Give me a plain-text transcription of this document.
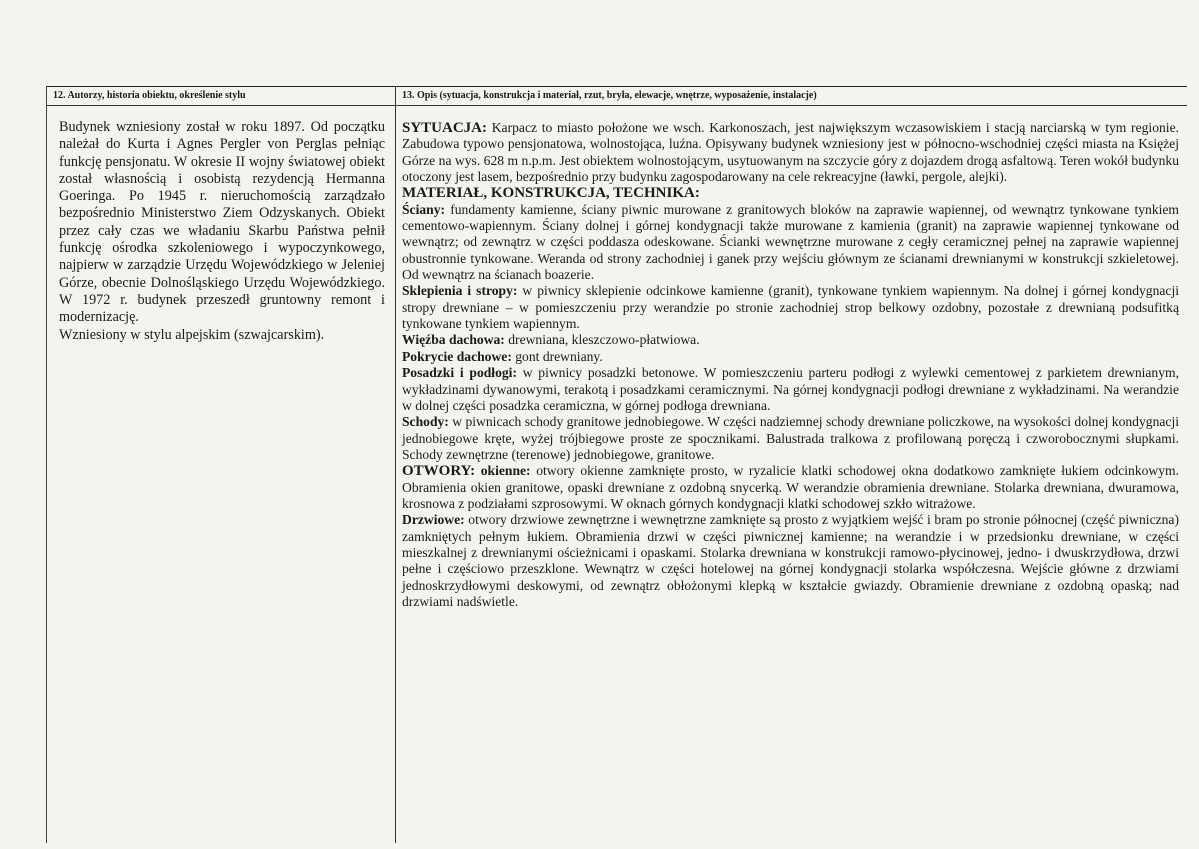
12. Autorzy, historia obiektu, określenie stylu

Budynek wzniesiony został w roku 1897. Od początku należał do Kurta i Agnes Pergler von Perglas pełniąc funkcję pensjonatu. W okresie II wojny światowej obiekt został własnością i osobistą rezydencją Hermanna Goeringa. Po 1945 r. nieruchomością zarządzało bezpośrednio Ministerstwo Ziem Odzyskanych. Obiekt przez cały czas we władaniu Skarbu Państwa pełnił funkcję ośrodka szkoleniowego i wypoczynkowego, najpierw w zarządzie Urzędu Wojewódzkiego w Jeleniej Górze, obecnie Dolnośląskiego Urzędu Wojewódzkiego. W 1972 r. budynek przeszedł gruntowny remont i modernizację.

Wzniesiony w stylu alpejskim (szwajcarskim).

13. Opis (sytuacja, konstrukcja i materiał, rzut, bryła, elewacje, wnętrze, wyposażenie, instalacje)

SYTUACJA: Karpacz to miasto położone we wsch. Karkonoszach, jest największym wczasowiskiem i stacją narciarską w tym regionie. Zabudowa typowo pensjonatowa, wolnostojąca, luźna. Opisywany budynek wzniesiony jest w północno-wschodniej części miasta na Księżej Górze na wys. 628 m n.p.m. Jest obiektem wolnostojącym, usytuowanym na szczycie góry z dojazdem drogą asfaltową. Teren wokół budynku otoczony jest lasem, bezpośrednio przy budynku zagospodarowany na cele rekreacyjne (ławki, pergole, alejki).

MATERIAŁ, KONSTRUKCJA, TECHNIKA:

Ściany: fundamenty kamienne, ściany piwnic murowane z granitowych bloków na zaprawie wapiennej, od wewnątrz tynkowane tynkiem cementowo-wapiennym. Ściany dolnej i górnej kondygnacji także murowane z kamienia (granit) na zaprawie wapiennej tynkowane od wewnątrz; od zewnątrz w części poddasza odeskowane. Ścianki wewnętrzne murowane z cegły ceramicznej pełnej na zaprawie wapiennej obustronnie tynkowane. Weranda od strony zachodniej i ganek przy wejściu głównym ze ścianami drewnianymi w konstrukcji szkieletowej. Od wewnątrz na ścianach boazerie.

Sklepienia i stropy: w piwnicy sklepienie odcinkowe kamienne (granit), tynkowane tynkiem wapiennym. Na dolnej i górnej kondygnacji stropy drewniane – w pomieszczeniu przy werandzie po stronie zachodniej strop belkowy ozdobny, pozostałe z drewnianą podsufitką tynkowane tynkiem wapiennym.

Więźba dachowa: drewniana, kleszczowo-płatwiowa.

Pokrycie dachowe: gont drewniany.

Posadzki i podłogi: w piwnicy posadzki betonowe. W pomieszczeniu parteru podłogi z wylewki cementowej z parkietem drewnianym, wykładzinami dywanowymi, terakotą i posadzkami ceramicznymi. Na górnej kondygnacji podłogi drewniane z wykładzinami. Na werandzie w dolnej części posadzka ceramiczna, w górnej podłoga drewniana.

Schody: w piwnicach schody granitowe jednobiegowe. W części nadziemnej schody drewniane policzkowe, na wysokości dolnej kondygnacji jednobiegowe kręte, wyżej trójbiegowe proste ze spocznikami. Balustrada tralkowa z profilowaną poręczą i czworobocznymi słupkami. Schody zewnętrzne (terenowe) jednobiegowe, granitowe.

OTWORY: okienne: otwory okienne zamknięte prosto, w ryzalicie klatki schodowej okna dodatkowo zamknięte łukiem odcinkowym. Obramienia okien granitowe, opaski drewniane z ozdobną snycerką. W werandzie obramienia drewniane. Stolarka drewniana, dwuramowa, krosnowa z podziałami szprosowymi. W oknach górnych kondygnacji klatki schodowej szkło witrażowe.

Drzwiowe: otwory drzwiowe zewnętrzne i wewnętrzne zamknięte są prosto z wyjątkiem wejść i bram po stronie północnej (część piwniczna) zamkniętych pełnym łukiem. Obramienia drzwi w części piwnicznej kamienne; na werandzie i w przedsionku drewniane, w części mieszkalnej z drewnianymi ościeżnicami i opaskami. Stolarka drewniana w konstrukcji ramowo-płycinowej, jedno- i dwuskrzydłowa, drzwi pełne i częściowo przeszklone. Wewnątrz w części hotelowej na górnej kondygnacji stolarka współczesna. Wejście główne z drzwiami jednoskrzydłowymi deskowymi, od zewnątrz obłożonymi klepką w kształcie gwiazdy. Obramienie drewniane z ozdobną opaską; nad drzwiami nadświetle.
